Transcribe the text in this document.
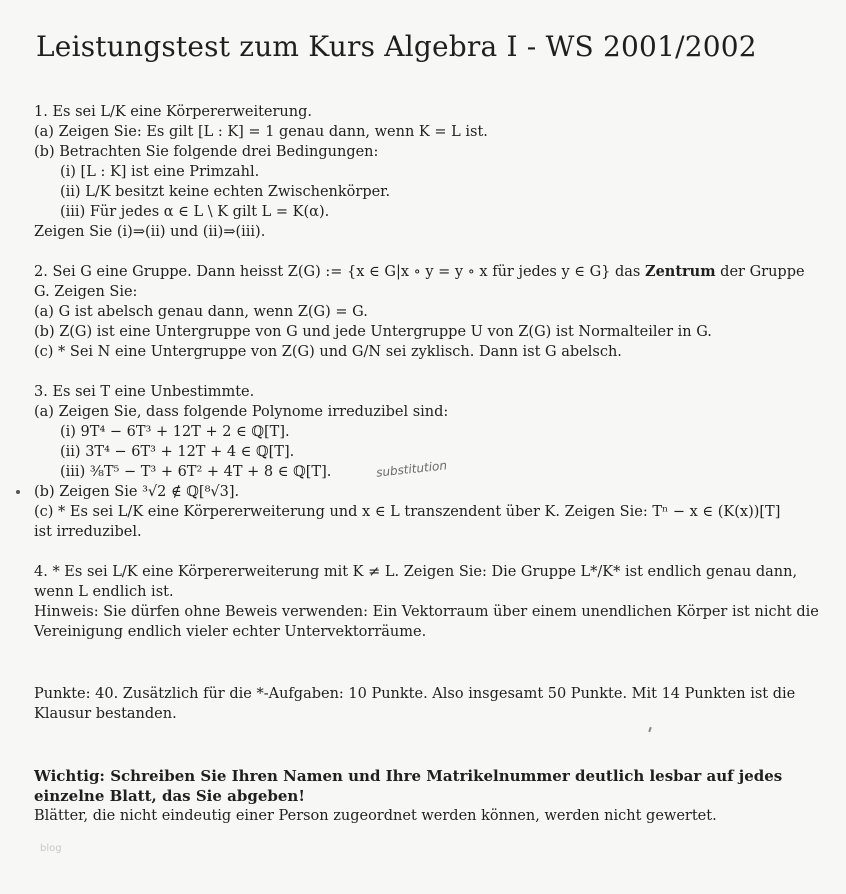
Leistungstest zum Kurs Algebra I - WS 2001/2002
1. Es sei L/K eine Körpererweiterung.
(a) Zeigen Sie: Es gilt [L : K] = 1 genau dann, wenn K = L ist.
(b) Betrachten Sie folgende drei Bedingungen:
(i) [L : K] ist eine Primzahl.
(ii) L/K besitzt keine echten Zwischenkörper.
(iii) Für jedes α ∈ L \ K gilt L = K(α).
Zeigen Sie (i)⇒(ii) und (ii)⇒(iii).
2. Sei G eine Gruppe. Dann heisst Z(G) := {x ∈ G|x ∘ y = y ∘ x für jedes y ∈ G} das Zentrum der Gruppe
G. Zeigen Sie:
(a) G ist abelsch genau dann, wenn Z(G) = G.
(b) Z(G) ist eine Untergruppe von G und jede Untergruppe U von Z(G) ist Normalteiler in G.
(c) * Sei N eine Untergruppe von Z(G) und G/N sei zyklisch. Dann ist G abelsch.
3. Es sei T eine Unbestimmte.
(a) Zeigen Sie, dass folgende Polynome irreduzibel sind:
(i) 9T⁴ − 6T³ + 12T + 2 ∈ ℚ[T].
(ii) 3T⁴ − 6T³ + 12T + 4 ∈ ℚ[T].
(iii) ³⁄₈T⁵ − T³ + 6T² + 4T + 8 ∈ ℚ[T].
(b) Zeigen Sie ³√2 ∉ ℚ[⁸√3].
(c) * Es sei L/K eine Körpererweiterung und x ∈ L transzendent über K. Zeigen Sie: Tⁿ − x ∈ (K(x))[T]
ist irreduzibel.
4. * Es sei L/K eine Körpererweiterung mit K ≠ L. Zeigen Sie: Die Gruppe L*/K* ist endlich genau dann,
wenn L endlich ist.
Hinweis: Sie dürfen ohne Beweis verwenden: Ein Vektorraum über einem unendlichen Körper ist nicht die
Vereinigung endlich vieler echter Untervektorräume.
Punkte: 40. Zusätzlich für die *-Aufgaben: 10 Punkte. Also insgesamt 50 Punkte. Mit 14 Punkten ist die
Klausur bestanden.
Wichtig: Schreiben Sie Ihren Namen und Ihre Matrikelnummer deutlich lesbar auf jedes
einzelne Blatt, das Sie abgeben!
Blätter, die nicht eindeutig einer Person zugeordnet werden können, werden nicht gewertet.
substitution
blog
